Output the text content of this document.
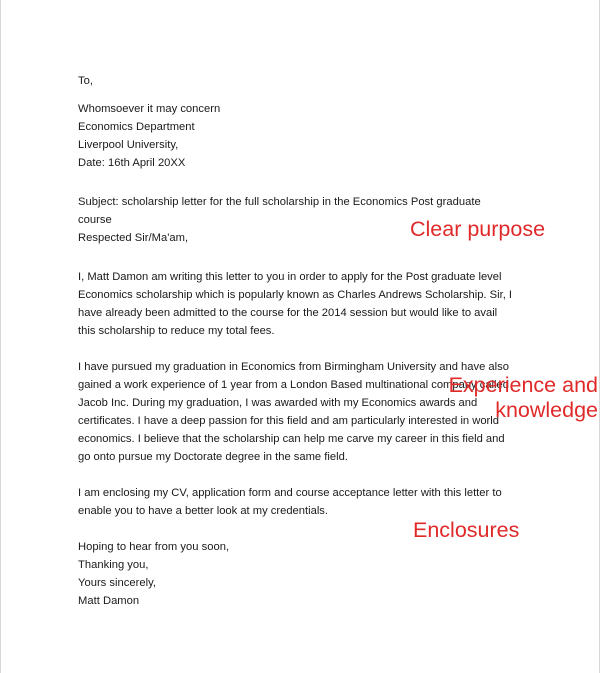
To,

Whomsoever it may concern

Economics Department

Liverpool University,

Date: 16th April 20XX

Subject: scholarship letter for the full scholarship in the Economics Post graduate course

Respected Sir/Ma'am,

I, Matt Damon am writing this letter to you in order to apply for the Post graduate level Economics scholarship which is popularly known as Charles Andrews Scholarship. Sir, I have already been admitted to the course for the 2014 session but would like to avail this scholarship to reduce my total fees.

I have pursued my graduation in Economics from Birmingham University and have also gained a work experience of 1 year from a London Based multinational company called Jacob Inc. During my graduation, I was awarded with my Economics awards and certificates. I have a deep passion for this field and am particularly interested in world economics. I believe that the scholarship can help me carve my career in this field and go onto pursue my Doctorate degree in the same field.

I am enclosing my CV, application form and course acceptance letter with this letter to enable you to have a better look at my credentials.

Hoping to hear from you soon,

Thanking you,

Yours sincerely,

Matt Damon

Clear purpose
Experience and knowledge
Enclosures
